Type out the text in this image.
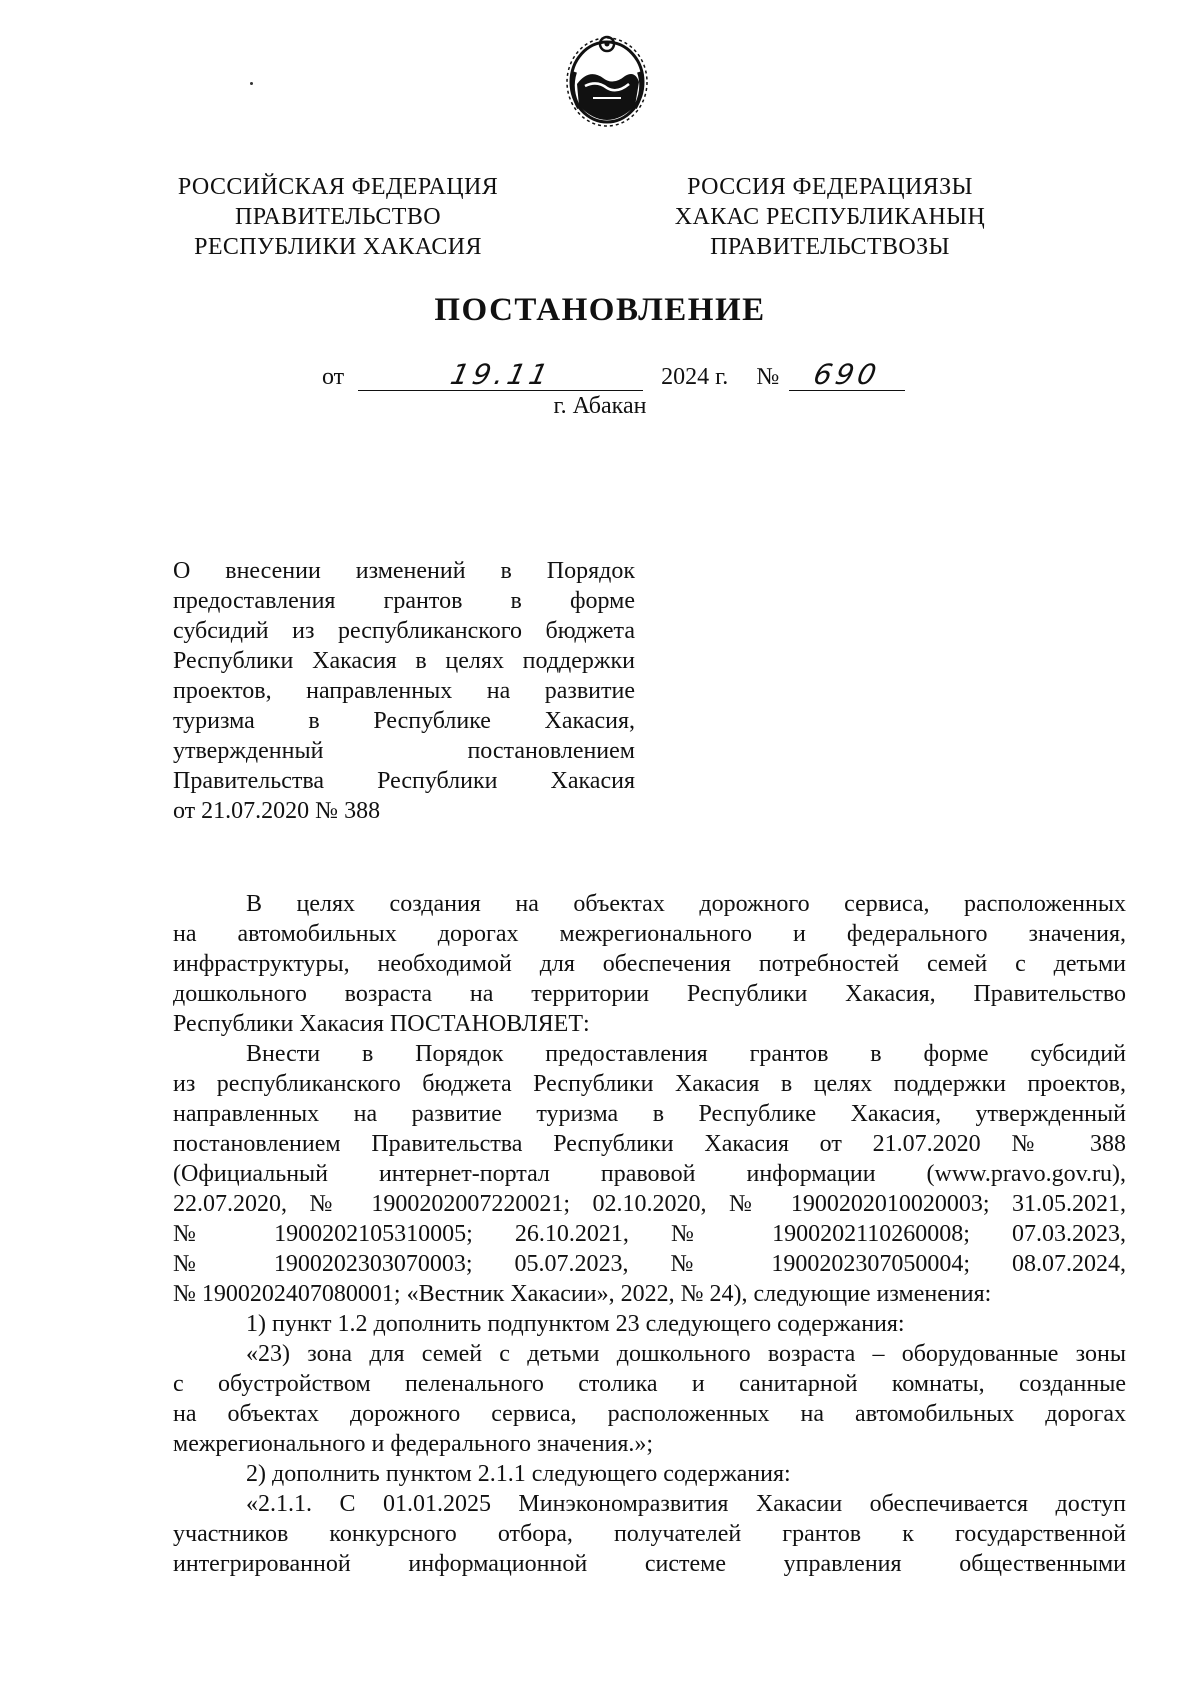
РОССИЙСКАЯ ФЕДЕРАЦИЯ
ПРАВИТЕЛЬСТВО
РЕСПУБЛИКИ ХАКАСИЯ
РОССИЯ ФЕДЕРАЦИЯЗЫ
ХАКАС РЕСПУБЛИКАНЫҢ
ПРАВИТЕЛЬСТВОЗЫ
ПОСТАНОВЛЕНИЕ
от	19.11	2024 г. № 690
г. Абакан
О внесении изменений в Порядок
предоставления грантов в форме
субсидий из республиканского бюджета
Республики Хакасия в целях поддержки
проектов, направленных на развитие
туризма в Республике Хакасия,
утвержденный постановлением
Правительства Республики Хакасия
от 21.07.2020 № 388
В целях создания на объектах дорожного сервиса, расположенных
на автомобильных дорогах межрегионального и федерального значения,
инфраструктуры, необходимой для обеспечения потребностей семей с детьми
дошкольного возраста на территории Республики Хакасия, Правительство
Республики Хакасия ПОСТАНОВЛЯЕТ:
Внести в Порядок предоставления грантов в форме субсидий
из республиканского бюджета Республики Хакасия в целях поддержки проектов,
направленных на развитие туризма в Республике Хакасия, утвержденный
постановлением Правительства Республики Хакасия от 21.07.2020 № 388
(Официальный интернет-портал правовой информации (www.pravo.gov.ru),
22.07.2020, № 1900202007220021; 02.10.2020, № 1900202010020003; 31.05.2021,
№ 1900202105310005; 26.10.2021, № 1900202110260008; 07.03.2023,
№ 1900202303070003; 05.07.2023, № 1900202307050004; 08.07.2024,
№ 1900202407080001; «Вестник Хакасии», 2022, № 24), следующие изменения:
1) пункт 1.2 дополнить подпунктом 23 следующего содержания:
«23) зона для семей с детьми дошкольного возраста – оборудованные зоны
с обустройством пеленального столика и санитарной комнаты, созданные
на объектах дорожного сервиса, расположенных на автомобильных дорогах
межрегионального и федерального значения.»;
2) дополнить пунктом 2.1.1 следующего содержания:
«2.1.1. С 01.01.2025 Минэкономразвития Хакасии обеспечивается доступ
участников конкурсного отбора, получателей грантов к государственной
интегрированной информационной системе управления общественными
